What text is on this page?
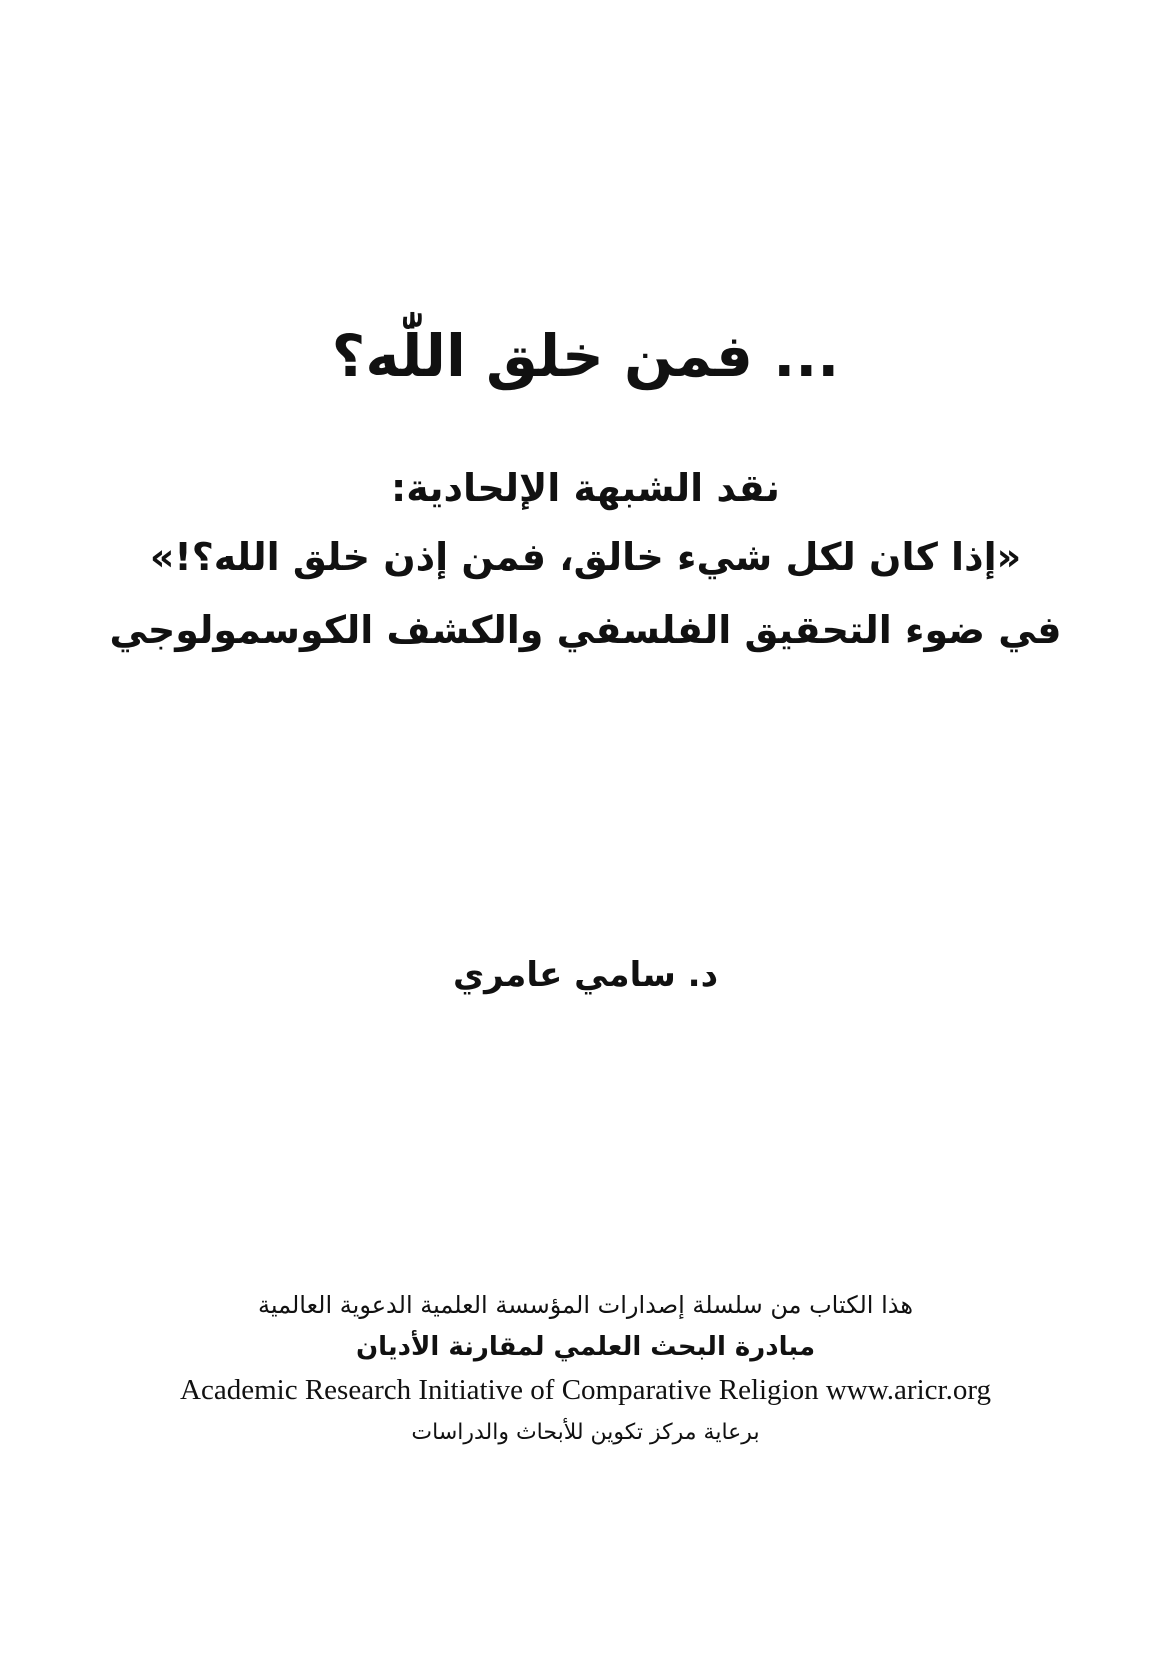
... فمن خلق اللّٰه؟
نقد الشبهة الإلحادية:
«إذا كان لكل شيء خالق، فمن إذن خلق الله؟!»
في ضوء التحقيق الفلسفي والكشف الكوسمولوجي
د. سامي عامري
هذا الكتاب من سلسلة إصدارات المؤسسة العلمية الدعوية العالمية
مبادرة البحث العلمي لمقارنة الأديان
Academic Research Initiative of Comparative Religion www.aricr.org
برعاية مركز تكوين للأبحاث والدراسات
